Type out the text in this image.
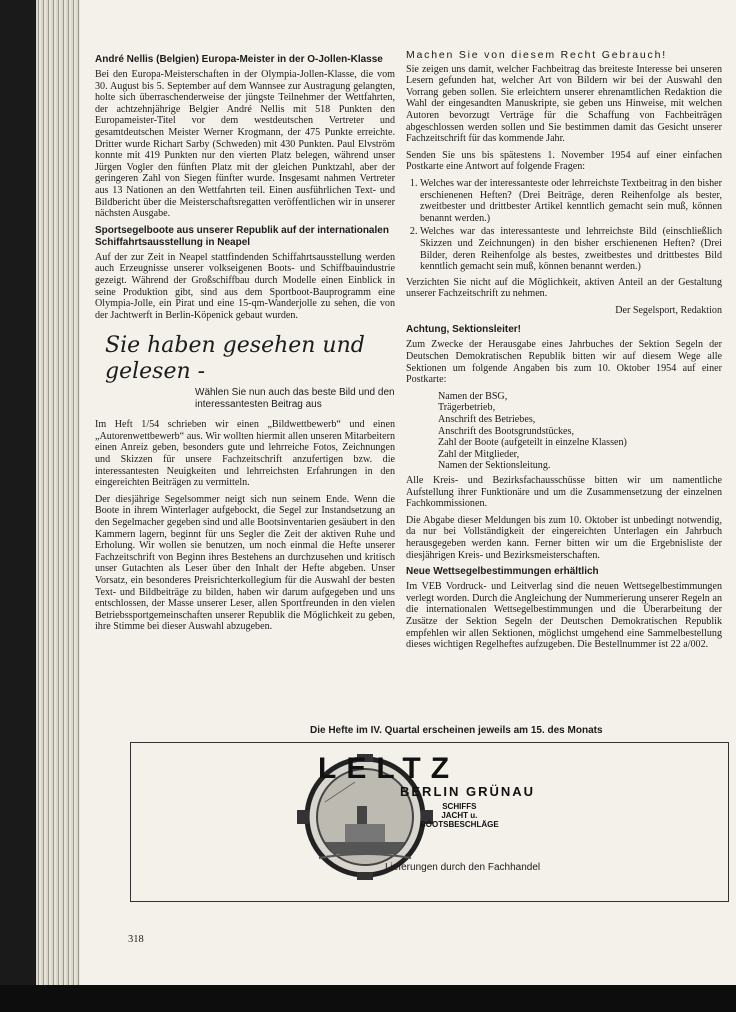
André Nellis (Belgien) Europa-Meister in der O-Jollen-Klasse
Bei den Europa-Meisterschaften in der Olympia-Jollen-Klasse, die vom 30. August bis 5. September auf dem Wannsee zur Austragung gelangten, holte sich überraschenderweise der jüngste Teilnehmer der Wettfahrten, der achtzehnjährige Belgier André Nellis mit 518 Punkten den Europameister-Titel vor dem westdeutschen Vertreter und gesamtdeutschen Meister Werner Krogmann, der 475 Punkte erreichte. Dritter wurde Richart Sarby (Schweden) mit 430 Punkten. Paul Elvström konnte mit 419 Punkten nur den vierten Platz belegen, während unser Jürgen Vogler den fünften Platz mit der gleichen Punktzahl, aber der geringeren Zahl von Siegen fünfter wurde. Insgesamt nahmen Vertreter aus 13 Nationen an den Wettfahrten teil. Einen ausführlichen Text- und Bildbericht über die Meisterschaftsregatten veröffentlichen wir in unserer nächsten Ausgabe.
Sportsegelboote aus unserer Republik auf der internationalen Schiffahrtsausstellung in Neapel
Auf der zur Zeit in Neapel stattfindenden Schiffahrtsausstellung werden auch Erzeugnisse unserer volkseigenen Boots- und Schiffbauindustrie gezeigt. Während der Großschiffbau durch Modelle einen Einblick in seine Produktion gibt, sind aus dem Sportboot-Bauprogramm eine Olympia-Jolle, ein Pirat und eine 15-qm-Wanderjolle zu sehen, die von der Jachtwerft in Berlin-Köpenick gebaut wurden.
Sie haben gesehen und gelesen -
Wählen Sie nun auch das beste Bild und den interessantesten Beitrag aus
Im Heft 1/54 schrieben wir einen „Bildwettbewerb“ und einen „Autorenwettbewerb“ aus. Wir wollten hiermit allen unseren Mitarbeitern einen Anreiz geben, besonders gute und lehrreiche Fotos, Zeichnungen und Skizzen für unsere Fachzeitschrift anzufertigen bzw. die interessantesten Neuigkeiten und lehrreichsten Erfahrungen in den eingereichten Beiträgen zu vermitteln.
Der diesjährige Segelsommer neigt sich nun seinem Ende. Wenn die Boote in ihrem Winterlager aufgebockt, die Segel zur Instandsetzung an den Segelmacher gegeben sind und alle Bootsinventarien gesäubert in den Kammern lagern, beginnt für uns Segler die Zeit der aktiven Ruhe und Erholung. Wir wollen sie benutzen, um noch einmal die Hefte unserer Fachzeitschrift von Beginn ihres Bestehens an durchzusehen und kritisch unser Gutachten als Leser über den Inhalt der Hefte abgeben. Unser Vorsatz, ein besonderes Preisrichterkollegium für die Auswahl der besten Text- und Bildbeiträge zu bilden, haben wir darum aufgegeben und uns entschlossen, der Masse unserer Leser, allen Sportfreunden in den vielen Betriebssportgemeinschaften unserer Republik die Möglichkeit zu geben, ihre Stimme bei dieser Auswahl abzugeben.
Machen Sie von diesem Recht Gebrauch!
Sie zeigen uns damit, welcher Fachbeitrag das breiteste Interesse bei unseren Lesern gefunden hat, welcher Art von Bildern wir bei der Auswahl den Vorrang geben sollen. Sie erleichtern unserer ehrenamtlichen Redaktion die Wahl der eingesandten Manuskripte, sie geben uns Hinweise, mit welchen Autoren bevorzugt Verträge für die Schaffung von Fachbeiträgen abgeschlossen werden sollen und Sie bestimmen damit das Gesicht unserer Fachzeitschrift für das kommende Jahr.
Senden Sie uns bis spätestens 1. November 1954 auf einer einfachen Postkarte eine Antwort auf folgende Fragen:
1. Welches war der interessanteste oder lehrreichste Textbeitrag in den bisher erschienenen Heften? (Drei Beiträge, deren Reihenfolge als bester, zweitbester und drittbester Artikel kenntlich gemacht sein muß, können benannt werden.)
2. Welches war das interessanteste und lehrreichste Bild (einschließlich Skizzen und Zeichnungen) in den bisher erschienenen Heften? (Drei Bilder, deren Reihenfolge als bestes, zweitbestes und drittbestes Bild kenntlich gemacht sein muß, können benannt werden.)
Verzichten Sie nicht auf die Möglichkeit, aktiven Anteil an der Gestaltung unserer Fachzeitschrift zu nehmen.
Der Segelsport, Redaktion
Achtung, Sektionsleiter!
Zum Zwecke der Herausgabe eines Jahrbuches der Sektion Segeln der Deutschen Demokratischen Republik bitten wir auf diesem Wege alle Sektionen um folgende Angaben bis zum 10. Oktober 1954 auf einer Postkarte:
Namen der BSG,
Trägerbetrieb,
Anschrift des Betriebes,
Anschrift des Bootsgrundstückes,
Zahl der Boote (aufgeteilt in einzelne Klassen)
Zahl der Mitglieder,
Namen der Sektionsleitung.
Alle Kreis- und Bezirksfachausschüsse bitten wir um namentliche Aufstellung ihrer Funktionäre und um die Zusammensetzung der einzelnen Fachkommissionen.
Die Abgabe dieser Meldungen bis zum 10. Oktober ist unbedingt notwendig, da nur bei Vollständigkeit der eingereichten Unterlagen ein Jahrbuch herausgegeben werden kann. Ferner bitten wir um die Ergebnisliste der diesjährigen Kreis- und Bezirksmeisterschaften.
Neue Wettsegelbestimmungen erhältlich
Im VEB Vordruck- und Leitverlag sind die neuen Wettsegelbestimmungen verlegt worden. Durch die Angleichung der Nummerierung unserer Regeln an die internationalen Wettsegelbestimmungen und die Überarbeitung der Zusätze der Sektion Segeln der Deutschen Demokratischen Republik empfehlen wir allen Sektionen, möglichst umgehend eine Sammelbestellung dieses wichtigen Regelheftes aufzugeben. Die Bestellnummer ist 22 a/002.
Die Hefte im IV. Quartal erscheinen jeweils am 15. des Monats
LELTZ
BERLIN GRÜNAU
SCHIFFS
JACHT u.
BOOTSBESCHLÄGE
Lieferungen durch den Fachhandel
318
